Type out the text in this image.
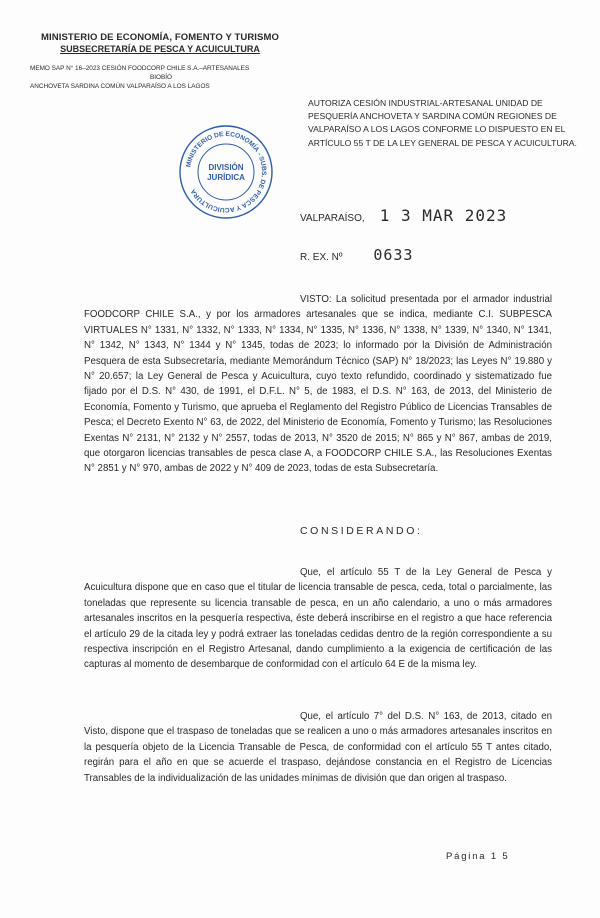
MINISTERIO DE ECONOMÍA, FOMENTO Y TURISMO
SUBSECRETARÍA DE PESCA Y ACUICULTURA
MEMO SAP N° 16–2023 CESIÓN FOODCORP CHILE S.A.–ARTESANALES
BIOBÍO
ANCHOVETA SARDINA COMÚN VALPARAÍSO A LOS LAGOS
AUTORIZA CESIÓN INDUSTRIAL-ARTESANAL UNIDAD DE PESQUERÍA ANCHOVETA Y SARDINA COMÚN REGIONES DE VALPARAÍSO A LOS LAGOS CONFORME LO DISPUESTO EN EL ARTÍCULO 55 T DE LA LEY GENERAL DE PESCA Y ACUICULTURA.
MINISTERIO DE ECONOMÍA - SUBS. DE PESCA Y ACUICULTURA
DIVISIÓN
JURÍDICA
VALPARAÍSO, 1 3 MAR 2023
R. EX. Nº 0633
VISTO: La solicitud presentada por el armador industrial FOODCORP CHILE S.A., y por los armadores artesanales que se indica, mediante C.I. SUBPESCA VIRTUALES N° 1331, N° 1332, N° 1333, N° 1334, N° 1335, N° 1336, N° 1338, N° 1339, N° 1340, N° 1341, N° 1342, N° 1343, N° 1344 y N° 1345, todas de 2023; lo informado por la División de Administración Pesquera de esta Subsecretaría, mediante Memorándum Técnico (SAP) N° 18/2023; las Leyes N° 19.880 y N° 20.657; la Ley General de Pesca y Acuicultura, cuyo texto refundido, coordinado y sistematizado fue fijado por el D.S. N° 430, de 1991, el D.F.L. N° 5, de 1983, el D.S. N° 163, de 2013, del Ministerio de Economía, Fomento y Turismo, que aprueba el Reglamento del Registro Público de Licencias Transables de Pesca; el Decreto Exento N° 63, de 2022, del Ministerio de Economía, Fomento y Turismo; las Resoluciones Exentas N° 2131, N° 2132 y N° 2557, todas de 2013, N° 3520 de 2015; N° 865 y N° 867, ambas de 2019, que otorgaron licencias transables de pesca clase A, a FOODCORP CHILE S.A., las Resoluciones Exentas N° 2851 y N° 970, ambas de 2022 y N° 409 de 2023, todas de esta Subsecretaría.
CONSIDERANDO:
Que, el artículo 55 T de la Ley General de Pesca y Acuicultura dispone que en caso que el titular de licencia transable de pesca, ceda, total o parcialmente, las toneladas que represente su licencia transable de pesca, en un año calendario, a uno o más armadores artesanales inscritos en la pesquería respectiva, éste deberá inscribirse en el registro a que hace referencia el artículo 29 de la citada ley y podrá extraer las toneladas cedidas dentro de la región correspondiente a su respectiva inscripción en el Registro Artesanal, dando cumplimiento a la exigencia de certificación de las capturas al momento de desembarque de conformidad con el artículo 64 E de la misma ley.
Que, el artículo 7° del D.S. N° 163, de 2013, citado en Visto, dispone que el traspaso de toneladas que se realicen a uno o más armadores artesanales inscritos en la pesquería objeto de la Licencia Transable de Pesca, de conformidad con el artículo 55 T antes citado, regirán para el año en que se acuerde el traspaso, dejándose constancia en el Registro de Licencias Transables de la individualización de las unidades mínimas de división que dan origen al traspaso.
Página 1 5
